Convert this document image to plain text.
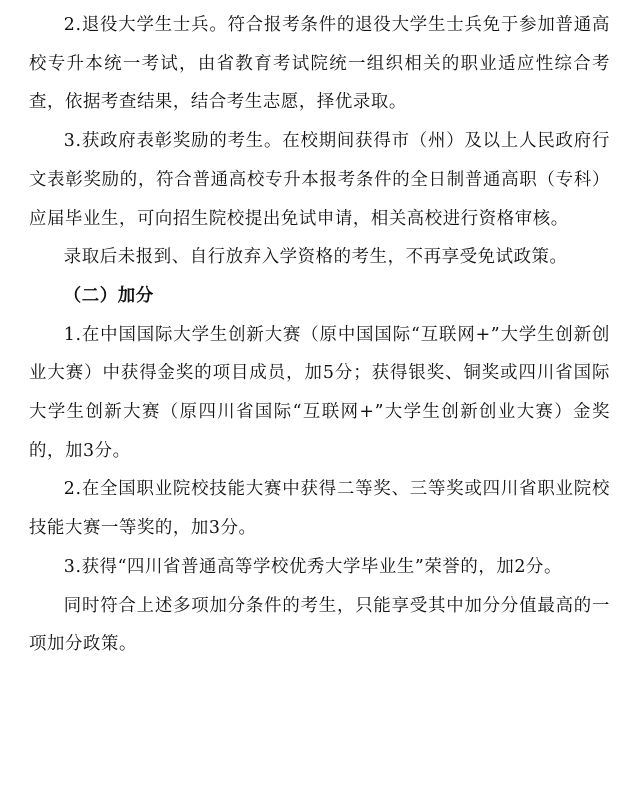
2.退役大学生士兵。符合报考条件的退役大学生士兵免于参加普通高校专升本统一考试，由省教育考试院统一组织相关的职业适应性综合考查，依据考查结果，结合考生志愿，择优录取。

3.获政府表彰奖励的考生。在校期间获得市（州）及以上人民政府行文表彰奖励的，符合普通高校专升本报考条件的全日制普通高职（专科）应届毕业生，可向招生院校提出免试申请，相关高校进行资格审核。

录取后未报到、自行放弃入学资格的考生，不再享受免试政策。

（二）加分

1.在中国国际大学生创新大赛（原中国国际“互联网+”大学生创新创业大赛）中获得金奖的项目成员，加5分；获得银奖、铜奖或四川省国际大学生创新大赛（原四川省国际“互联网+”大学生创新创业大赛）金奖的，加3分。

2.在全国职业院校技能大赛中获得二等奖、三等奖或四川省职业院校技能大赛一等奖的，加3分。

3.获得“四川省普通高等学校优秀大学毕业生”荣誉的，加2分。

同时符合上述多项加分条件的考生，只能享受其中加分分值最高的一项加分政策。
